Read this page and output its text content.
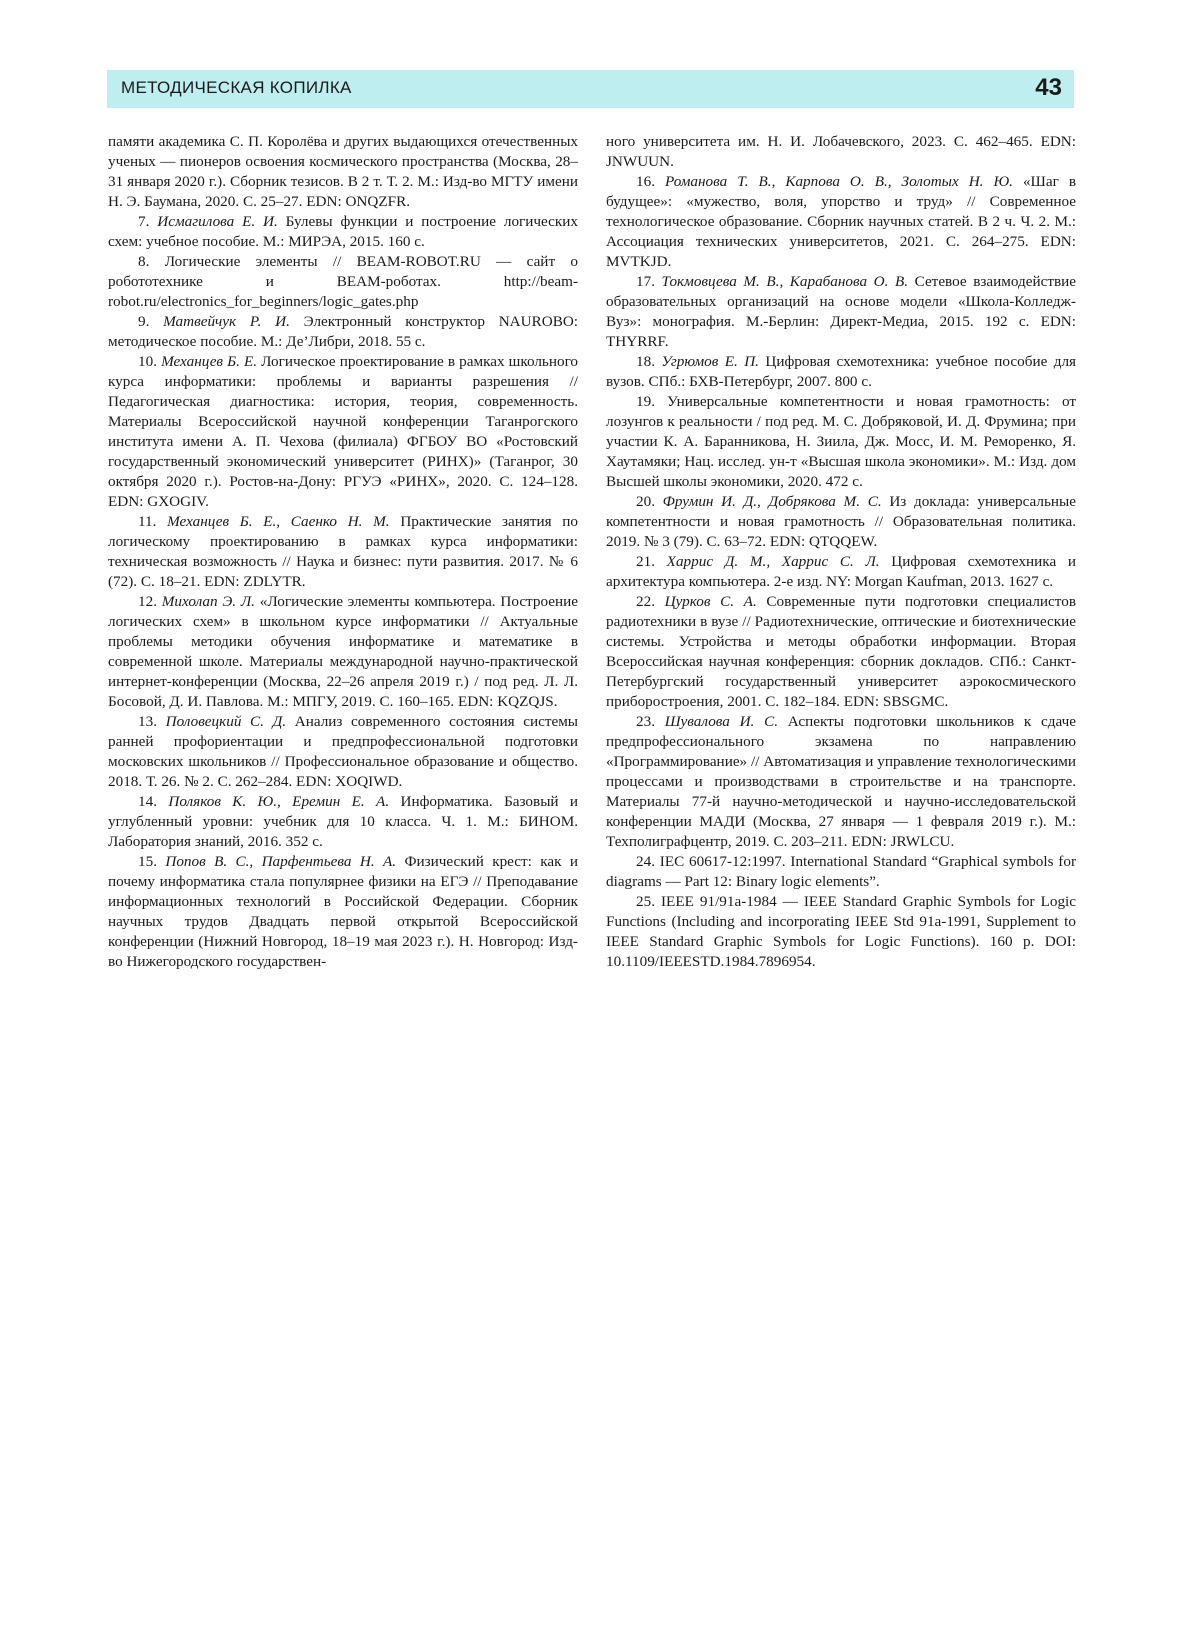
МЕТОДИЧЕСКАЯ КОПИЛКА	43

памяти академика С. П. Королёва и других выдающихся отечественных ученых — пионеров освоения космического пространства (Москва, 28–31 января 2020 г.). Сборник тезисов. В 2 т. Т. 2. М.: Изд-во МГТУ имени Н. Э. Баумана, 2020. С. 25–27. EDN: ONQZFR.

7. Исмагилова Е. И. Булевы функции и построение логических схем: учебное пособие. М.: МИРЭА, 2015. 160 с.

8. Логические элементы // BEAM-ROBOT.RU — сайт о робототехнике и BEAM-роботах. http://beam-robot.ru/electronics_for_beginners/logic_gates.php

9. Матвейчук Р. И. Электронный конструктор NAUROBO: методическое пособие. М.: Де’Либри, 2018. 55 с.

10. Механцев Б. Е. Логическое проектирование в рамках школьного курса информатики: проблемы и варианты разрешения // Педагогическая диагностика: история, теория, современность. Материалы Всероссийской научной конференции Таганрогского института имени А. П. Чехова (филиала) ФГБОУ ВО «Ростовский государственный экономический университет (РИНХ)» (Таганрог, 30 октября 2020 г.). Ростов-на-Дону: РГУЭ «РИНХ», 2020. С. 124–128. EDN: GXOGIV.

11. Механцев Б. Е., Саенко Н. М. Практические занятия по логическому проектированию в рамках курса информатики: техническая возможность // Наука и бизнес: пути развития. 2017. № 6 (72). С. 18–21. EDN: ZDLYTR.

12. Михолап Э. Л. «Логические элементы компьютера. Построение логических схем» в школьном курсе информатики // Актуальные проблемы методики обучения информатике и математике в современной школе. Материалы международной научно-практической интернет-конференции (Москва, 22–26 апреля 2019 г.) / под ред. Л. Л. Босовой, Д. И. Павлова. М.: МПГУ, 2019. С. 160–165. EDN: KQZQJS.

13. Половецкий С. Д. Анализ современного состояния системы ранней профориентации и предпрофессиональной подготовки московских школьников // Профессиональное образование и общество. 2018. Т. 26. № 2. С. 262–284. EDN: XOQIWD.

14. Поляков К. Ю., Еремин Е. А. Информатика. Базовый и углубленный уровни: учебник для 10 класса. Ч. 1. М.: БИНОМ. Лаборатория знаний, 2016. 352 с.

15. Попов В. С., Парфентьева Н. А. Физический крест: как и почему информатика стала популярнее физики на ЕГЭ // Преподавание информационных технологий в Российской Федерации. Сборник научных трудов Двадцать первой открытой Всероссийской конференции (Нижний Новгород, 18–19 мая 2023 г.). Н. Новгород: Изд-во Нижегородского государствен-

ного университета им. Н. И. Лобачевского, 2023. С. 462–465. EDN: JNWUUN.

16. Романова Т. В., Карпова О. В., Золотых Н. Ю. «Шаг в будущее»: «мужество, воля, упорство и труд» // Современное технологическое образование. Сборник научных статей. В 2 ч. Ч. 2. М.: Ассоциация технических университетов, 2021. С. 264–275. EDN: MVTKJD.

17. Токмовцева М. В., Карабанова О. В. Сетевое взаимодействие образовательных организаций на основе модели «Школа-Колледж-Вуз»: монография. М.-Берлин: Директ-Медиа, 2015. 192 с. EDN: THYRRF.

18. Угрюмов Е. П. Цифровая схемотехника: учебное пособие для вузов. СПб.: БХВ-Петербург, 2007. 800 с.

19. Универсальные компетентности и новая грамотность: от лозунгов к реальности / под ред. М. С. Добряковой, И. Д. Фрумина; при участии К. А. Баранникова, Н. Зиила, Дж. Мосс, И. М. Реморенко, Я. Хаутамяки; Нац. исслед. ун-т «Высшая школа экономики». М.: Изд. дом Высшей школы экономики, 2020. 472 с.

20. Фрумин И. Д., Добрякова М. С. Из доклада: универсальные компетентности и новая грамотность // Образовательная политика. 2019. № 3 (79). С. 63–72. EDN: QTQQEW.

21. Харрис Д. М., Харрис С. Л. Цифровая схемотехника и архитектура компьютера. 2-е изд. NY: Morgan Kaufman, 2013. 1627 с.

22. Цурков С. А. Современные пути подготовки специалистов радиотехники в вузе // Радиотехнические, оптические и биотехнические системы. Устройства и методы обработки информации. Вторая Всероссийская научная конференция: сборник докладов. СПб.: Санкт-Петербургский государственный университет аэрокосмического приборостроения, 2001. С. 182–184. EDN: SBSGMC.

23. Шувалова И. С. Аспекты подготовки школьников к сдаче предпрофессионального экзамена по направлению «Программирование» // Автоматизация и управление технологическими процессами и производствами в строительстве и на транспорте. Материалы 77-й научно-методической и научно-исследовательской конференции МАДИ (Москва, 27 января — 1 февраля 2019 г.). М.: Техполиграфцентр, 2019. С. 203–211. EDN: JRWLCU.

24. IEC 60617-12:1997. International Standard “Graphical symbols for diagrams — Part 12: Binary logic elements”.

25. IEEE 91/91a-1984 — IEEE Standard Graphic Symbols for Logic Functions (Including and incorporating IEEE Std 91a-1991, Supplement to IEEE Standard Graphic Symbols for Logic Functions). 160 p. DOI: 10.1109/IEEESTD.1984.7896954.
